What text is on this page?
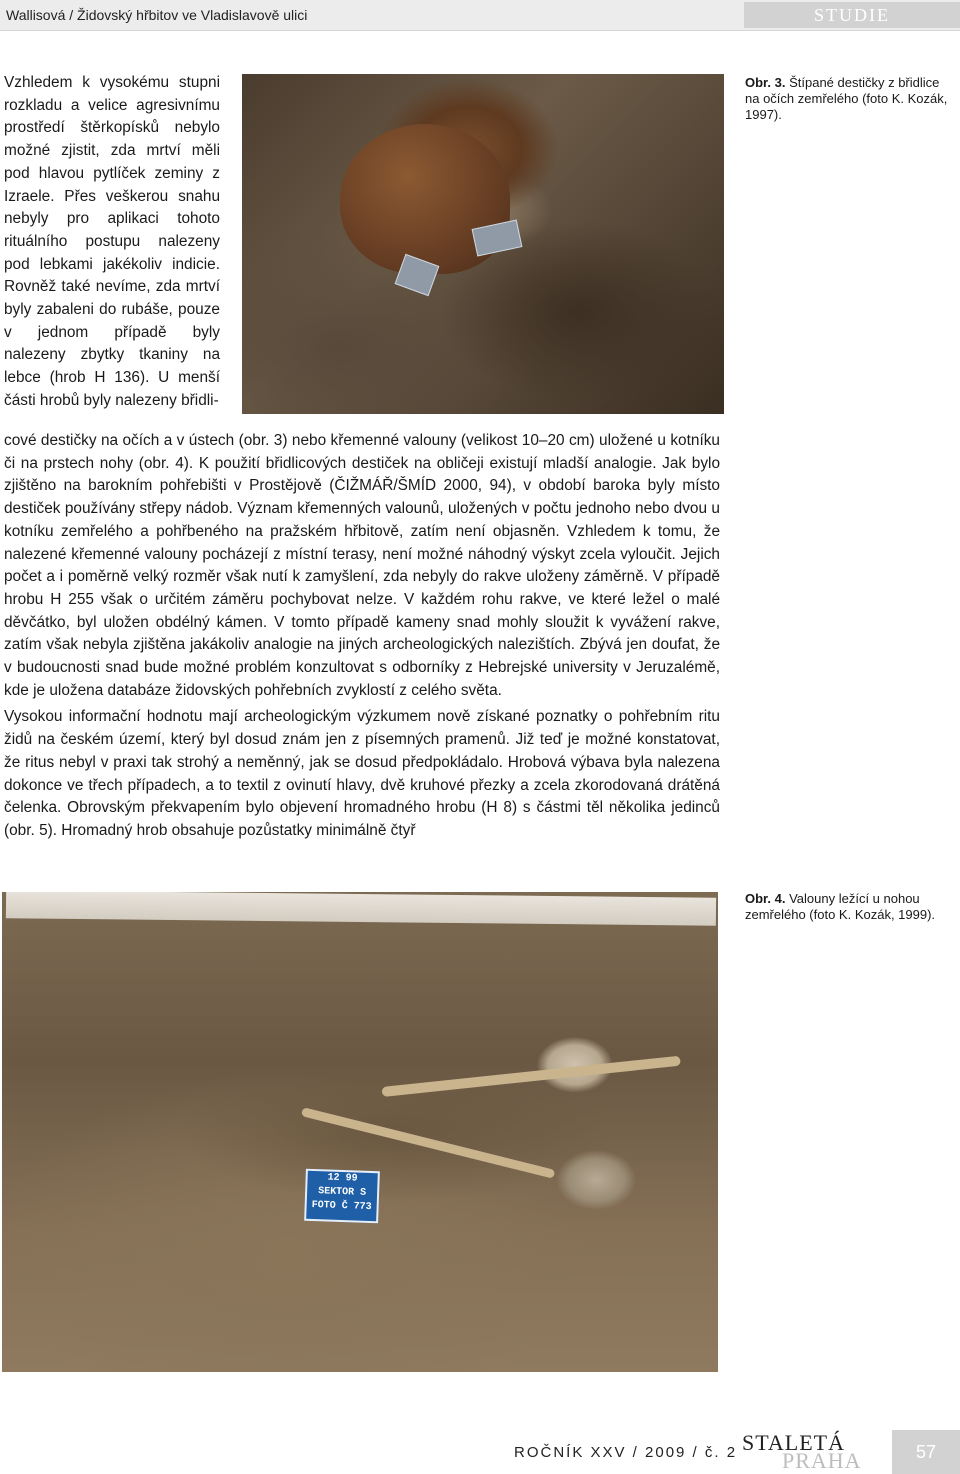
Wallisová / Židovský hřbitov ve Vladislavově ulici	STUDIE
Vzhledem k vysokému stupni rozkladu a velice agresivnímu prostředí štěrkopísků nebylo možné zjistit, zda mrtví měli pod hlavou pytlíček zeminy z Izraele. Přes veškerou snahu nebyly pro aplikaci tohoto rituálního postupu nalezeny pod lebkami jakékoliv indicie. Rovněž také nevíme, zda mrtví byly zabaleni do rubáše, pouze v jednom případě byly nalezeny zbytky tkaniny na lebce (hrob H 136). U menší části hrobů byly nalezeny břidli-
Obr. 3. Štípané destičky z břidlice na očích zemřelého (foto K. Kozák, 1997).

cové destičky na očích a v ústech (obr. 3) nebo křemenné valouny (velikost 10–20 cm) uložené u kotníku či na prstech nohy (obr. 4). K použití břidlicových destiček na obličeji existují mladší analogie. Jak bylo zjištěno na barokním pohřebišti v Prostějově (ČIŽMÁŘ/ŠMÍD 2000, 94), v období baroka byly místo destiček používány střepy nádob. Význam křemenných valounů, uložených v počtu jednoho nebo dvou u kotníku zemřelého a pohřbeného na pražském hřbitově, zatím není objasněn. Vzhledem k tomu, že nalezené křemenné valouny pocházejí z místní terasy, není možné náhodný výskyt zcela vyloučit. Jejich počet a i poměrně velký rozměr však nutí k zamyšlení, zda nebyly do rakve uloženy záměrně. V případě hrobu H 255 však o určitém záměru pochybovat nelze. V každém rohu rakve, ve které ležel o malé děvčátko, byl uložen obdélný kámen. V tomto případě kameny snad mohly sloužit k vyvážení rakve, zatím však nebyla zjištěna jakákoliv analogie na jiných archeologických nalezištích. Zbývá jen doufat, že v budoucnosti snad bude možné problém konzultovat s odborníky z Hebrejské university v Jeruzalémě, kde je uložena databáze židovských pohřebních zvyklostí z celého světa.

Vysokou informační hodnotu mají archeologickým výzkumem nově získané poznatky o pohřebním ritu židů na českém území, který byl dosud znám jen z písemných pramenů. Již teď je možné konstatovat, že ritus nebyl v praxi tak strohý a neměnný, jak se dosud předpokládalo. Hrobová výbava byla nalezena dokonce ve třech případech, a to textil z ovinutí hlavy, dvě kruhové přezky a zcela zkorodovaná drátěná čelenka. Obrovským překvapením bylo objevení hromadného hrobu (H 8) s částmi těl několika jedinců (obr. 5). Hromadný hrob obsahuje pozůstatky minimálně čtyř

12 99
SEKTOR S
FOTO Č 773
Obr. 4. Valouny ležící u nohou zemřelého (foto K. Kozák, 1999).
ROČNÍK XXV / 2009 / č. 2 STALETÁ
PRAHA	57
